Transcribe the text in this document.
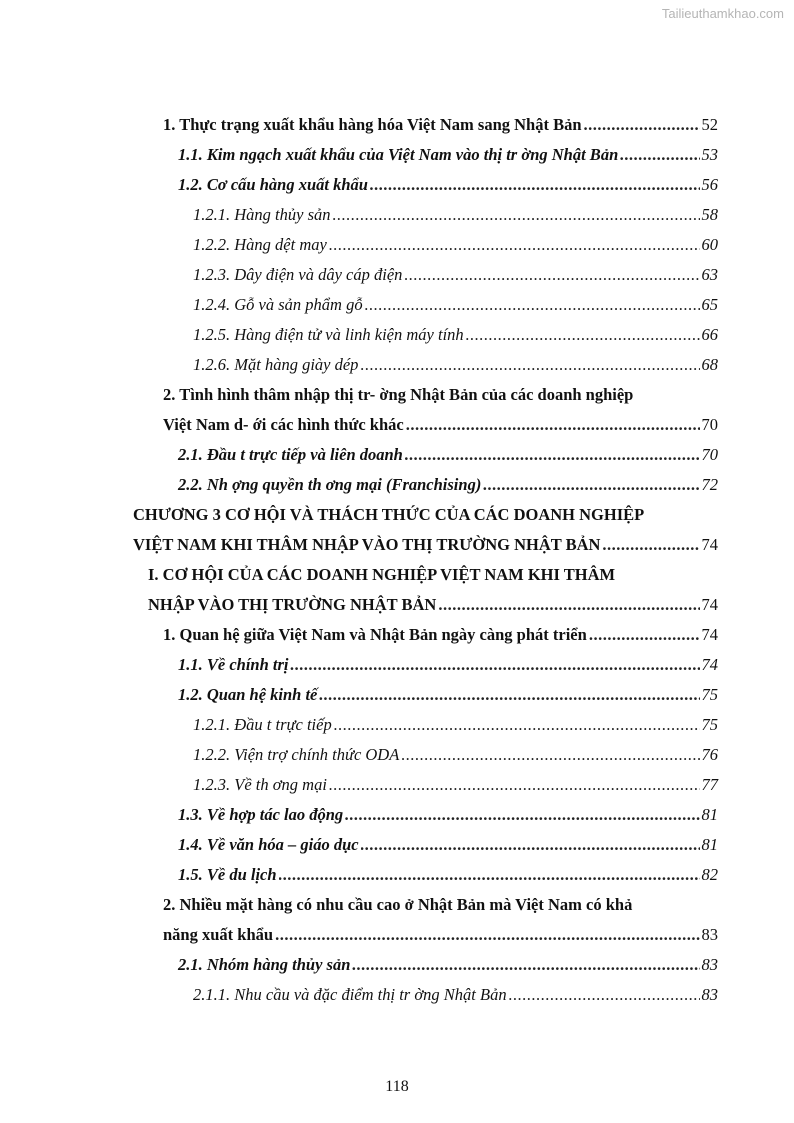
Tailieuthamkhao.com
1. Thực trạng xuất khẩu hàng hóa Việt Nam sang Nhật Bản .....	52
1.1. Kim ngạch xuất khẩu của Việt Nam vào thị tr ờng Nhật Bản .....	53
1.2. Cơ cấu hàng xuất khẩu .....	56
1.2.1. Hàng thủy sản .....	58
1.2.2. Hàng dệt may .....	60
1.2.3. Dây điện và dây cáp điện .....	63
1.2.4. Gỗ và sản phẩm gỗ .....	65
1.2.5. Hàng điện tử và linh kiện máy tính .....	66
1.2.6. Mặt hàng giày dép .....	68
2. Tình hình thâm nhập thị tr- ờng Nhật Bản của các doanh nghiệp
Việt Nam d- ới các hình thức khác .....	70
2.1. Đầu t trực tiếp và liên doanh .....	70
2.2. Nh ợng quyền th ơng mại (Franchising) .....	72
CHƯƠNG 3 CƠ HỘI VÀ THÁCH THỨC CỦA CÁC DOANH NGHIỆP
VIỆT NAM KHI THÂM NHẬP VÀO THỊ TRƯỜNG NHẬT BẢN .....	74
I. CƠ HỘI CỦA CÁC DOANH NGHIỆP VIỆT NAM KHI THÂM
NHẬP VÀO THỊ TRƯỜNG NHẬT BẢN .....	74
1. Quan hệ giữa Việt Nam và Nhật Bản ngày càng phát triển .....	74
1.1. Về chính trị .....	74
1.2. Quan hệ kinh tế .....	75
1.2.1. Đầu t trực tiếp .....	75
1.2.2. Viện trợ chính thức ODA .....	76
1.2.3. Về th ơng mại .....	77
1.3. Về hợp tác lao động .....	81
1.4. Về văn hóa – giáo dục .....	81
1.5. Về du lịch .....	82
2. Nhiều mặt hàng có nhu cầu cao ở Nhật Bản mà Việt Nam có khả
năng xuất khẩu .....	83
2.1. Nhóm hàng thủy sản .....	83
2.1.1. Nhu cầu và đặc điểm thị tr ờng Nhật Bản .....	83
118
